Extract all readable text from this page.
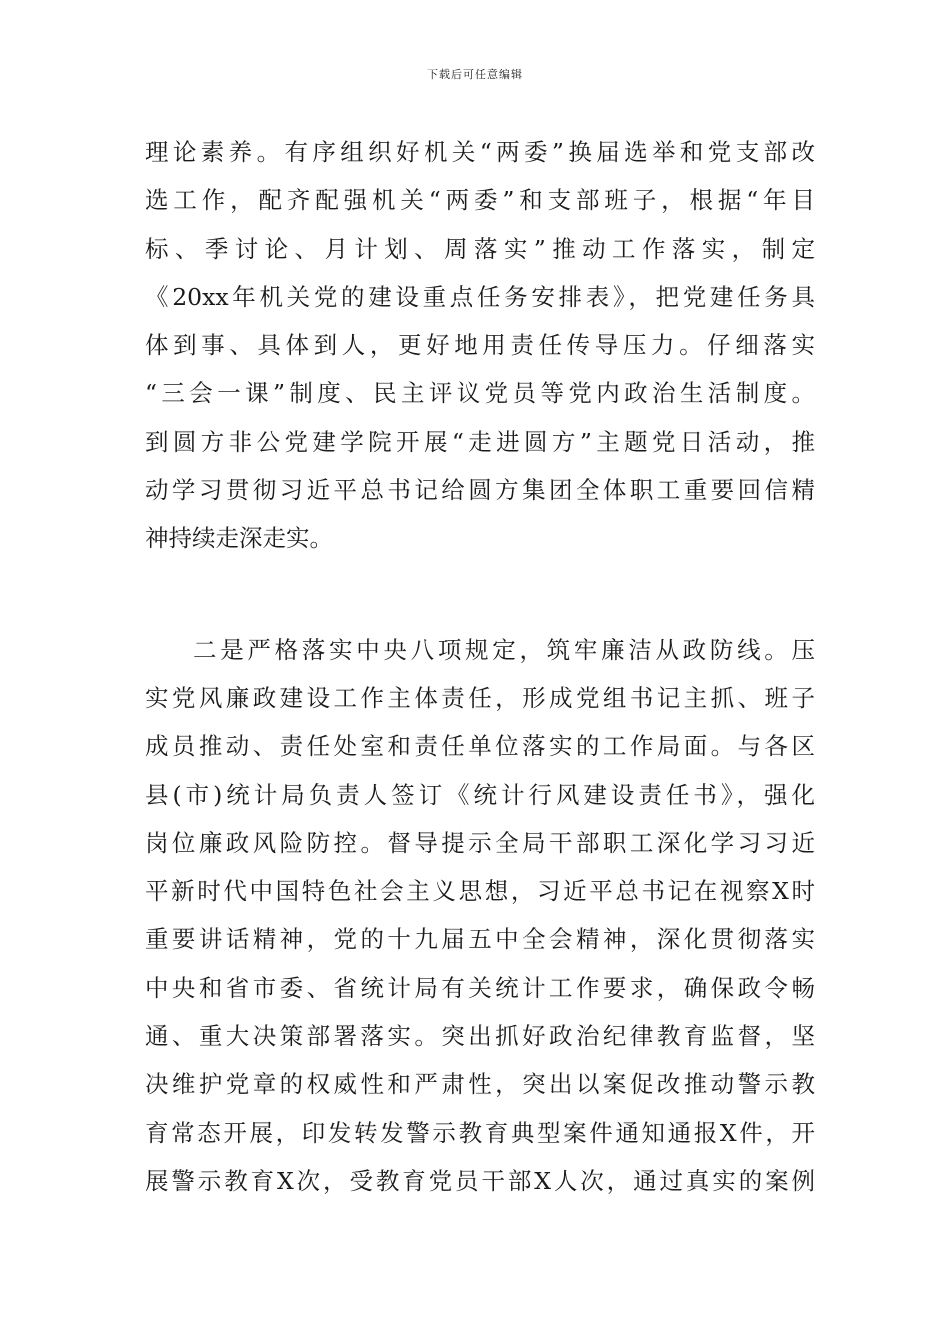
下载后可任意编辑
理论素养。有序组织好机关“两委”换届选举和党支部改
选工作，配齐配强机关“两委”和支部班子，根据“年目
标、季讨论、月计划、周落实”推动工作落实，制定
《20xx年机关党的建设重点任务安排表》，把党建任务具
体到事、具体到人，更好地用责任传导压力。仔细落实
“三会一课”制度、民主评议党员等党内政治生活制度。
到圆方非公党建学院开展“走进圆方”主题党日活动，推
动学习贯彻习近平总书记给圆方集团全体职工重要回信精
神持续走深走实。
二是严格落实中央八项规定，筑牢廉洁从政防线。压
实党风廉政建设工作主体责任，形成党组书记主抓、班子
成员推动、责任处室和责任单位落实的工作局面。与各区
县(市)统计局负责人签订《统计行风建设责任书》，强化
岗位廉政风险防控。督导提示全局干部职工深化学习习近
平新时代中国特色社会主义思想，习近平总书记在视察X时
重要讲话精神，党的十九届五中全会精神，深化贯彻落实
中央和省市委、省统计局有关统计工作要求，确保政令畅
通、重大决策部署落实。突出抓好政治纪律教育监督，坚
决维护党章的权威性和严肃性，突出以案促改推动警示教
育常态开展，印发转发警示教育典型案件通知通报X件，开
展警示教育X次，受教育党员干部X人次，通过真实的案例
